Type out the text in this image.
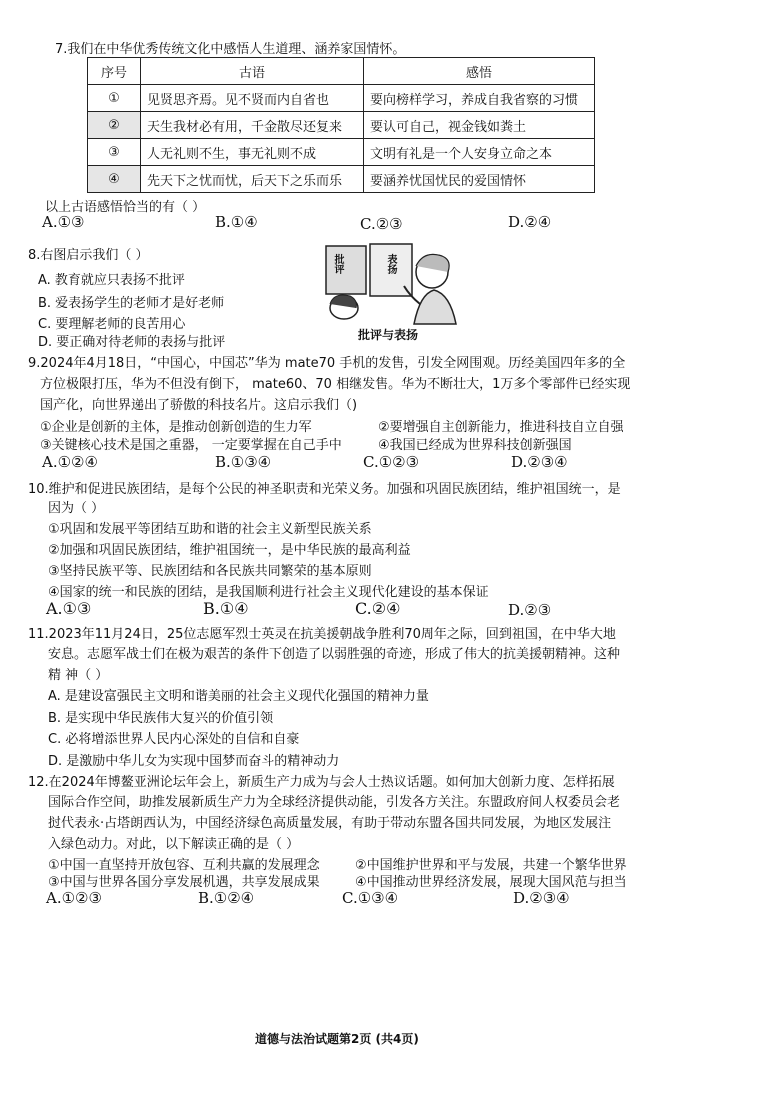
7.我们在中华优秀传统文化中感悟人生道理、涵养家国情怀。
序号	古语	感悟
①	见贤思齐焉。见不贤而内自省也	要向榜样学习，养成自我省察的习惯
②	天生我材必有用，千金散尽还复来	要认可自己，视金钱如粪土
③	人无礼则不生，事无礼则不成	文明有礼是一个人安身立命之本
④	先天下之忧而忧，后天下之乐而乐	要涵养忧国忧民的爱国情怀
以上古语感悟恰当的有（ ）
A.①③	B.①④	C.②③	D.②④
8.右图启示我们（ ）
A. 教育就应只表扬不批评
B. 爱表扬学生的老师才是好老师
C. 要理解老师的良苦用心
D. 要正确对待老师的表扬与批评
批评	表扬
批评与表扬
9.2024年4月18日，“中国心，中国芯”华为 mate70 手机的发售，引发全网围观。历经美国四年多的全
方位极限打压，华为不但没有倒下， mate60、70 相继发售。华为不断壮大，1万多个零部件已经实现
国产化，向世界递出了骄傲的科技名片。这启示我们（)
①企业是创新的主体，是推动创新创造的生力军	②要增强自主创新能力，推进科技自立自强
③关键核心技术是国之重器， 一定要掌握在自己手中	④我国已经成为世界科技创新强国
A.①②④	B.①③④	C.①②③	D.②③④
10.维护和促进民族团结，是每个公民的神圣职责和光荣义务。加强和巩固民族团结，维护祖国统一，是
因为（ ）
①巩固和发展平等团结互助和谐的社会主义新型民族关系
②加强和巩固民族团结，维护祖国统一，是中华民族的最高利益
③坚持民族平等、民族团结和各民族共同繁荣的基本原则
④国家的统一和民族的团结，是我国顺利进行社会主义现代化建设的基本保证
A.①③	B.①④	C.②④	D.②③
11.2023年11月24日，25位志愿军烈士英灵在抗美援朝战争胜利70周年之际，回到祖国，在中华大地
安息。志愿军战士们在极为艰苦的条件下创造了以弱胜强的奇迹，形成了伟大的抗美援朝精神。这种
精 神（ ）
A. 是建设富强民主文明和谐美丽的社会主义现代化强国的精神力量
B. 是实现中华民族伟大复兴的价值引领
C. 必将增添世界人民内心深处的自信和自豪
D. 是激励中华儿女为实现中国梦而奋斗的精神动力
12.在2024年博鳌亚洲论坛年会上，新质生产力成为与会人士热议话题。如何加大创新力度、怎样拓展
国际合作空间，助推发展新质生产力为全球经济提供动能，引发各方关注。东盟政府间人权委员会老
挝代表永·占塔朗西认为，中国经济绿色高质量发展，有助于带动东盟各国共同发展，为地区发展注
入绿色动力。对此，以下解读正确的是（ ）
①中国一直坚持开放包容、互利共赢的发展理念	②中国维护世界和平与发展，共建一个繁华世界
③中国与世界各国分享发展机遇，共享发展成果	④中国推动世界经济发展，展现大国风范与担当
A.①②③	B.①②④	C.①③④	D.②③④
道德与法治试题第2页 (共4页)
